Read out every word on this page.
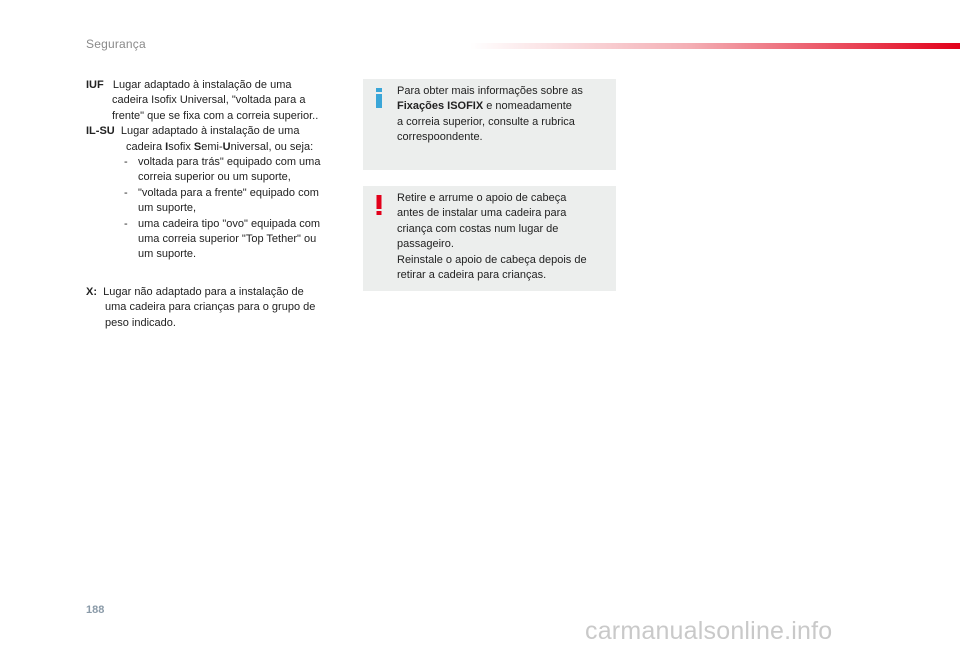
Segurança
IUF Lugar adaptado à instalação de uma
cadeira Isofix Universal, "voltada para a
frente" que se fixa com a correia superior..
IL-SU Lugar adaptado à instalação de uma
cadeira Isofix Semi-Universal, ou seja:
- voltada para trás" equipado com uma
correia superior ou um suporte,
- "voltada para a frente" equipado com
um suporte,
- uma cadeira tipo "ovo" equipada com
uma correia superior "Top Tether" ou
um suporte.
X: Lugar não adaptado para a instalação de
uma cadeira para crianças para o grupo de
peso indicado.
Para obter mais informações sobre as
Fixações ISOFIX e nomeadamente
a correia superior, consulte a rubrica
correspoondente.
Retire e arrume o apoio de cabeça
antes de instalar uma cadeira para
criança com costas num lugar de
passageiro.
Reinstale o apoio de cabeça depois de
retirar a cadeira para crianças.
188
carmanualsonline.info
